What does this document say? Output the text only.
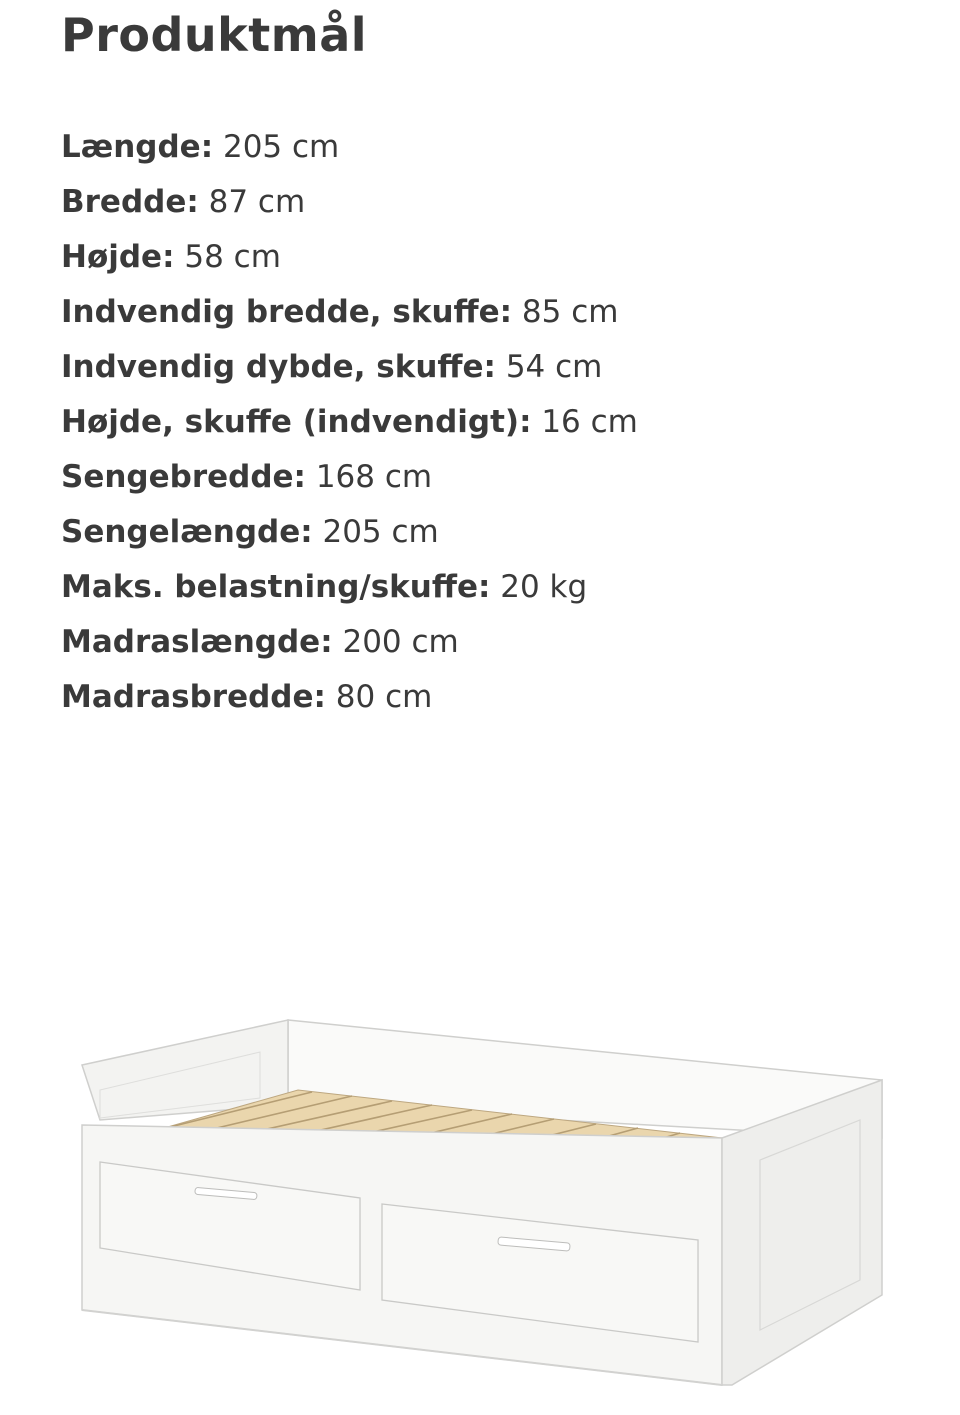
Produktmål
Længde: 205 cm
Bredde: 87 cm
Højde: 58 cm
Indvendig bredde, skuffe: 85 cm
Indvendig dybde, skuffe: 54 cm
Højde, skuffe (indvendigt): 16 cm
Sengebredde: 168 cm
Sengelængde: 205 cm
Maks. belastning/skuffe: 20 kg
Madraslængde: 200 cm
Madrasbredde: 80 cm
